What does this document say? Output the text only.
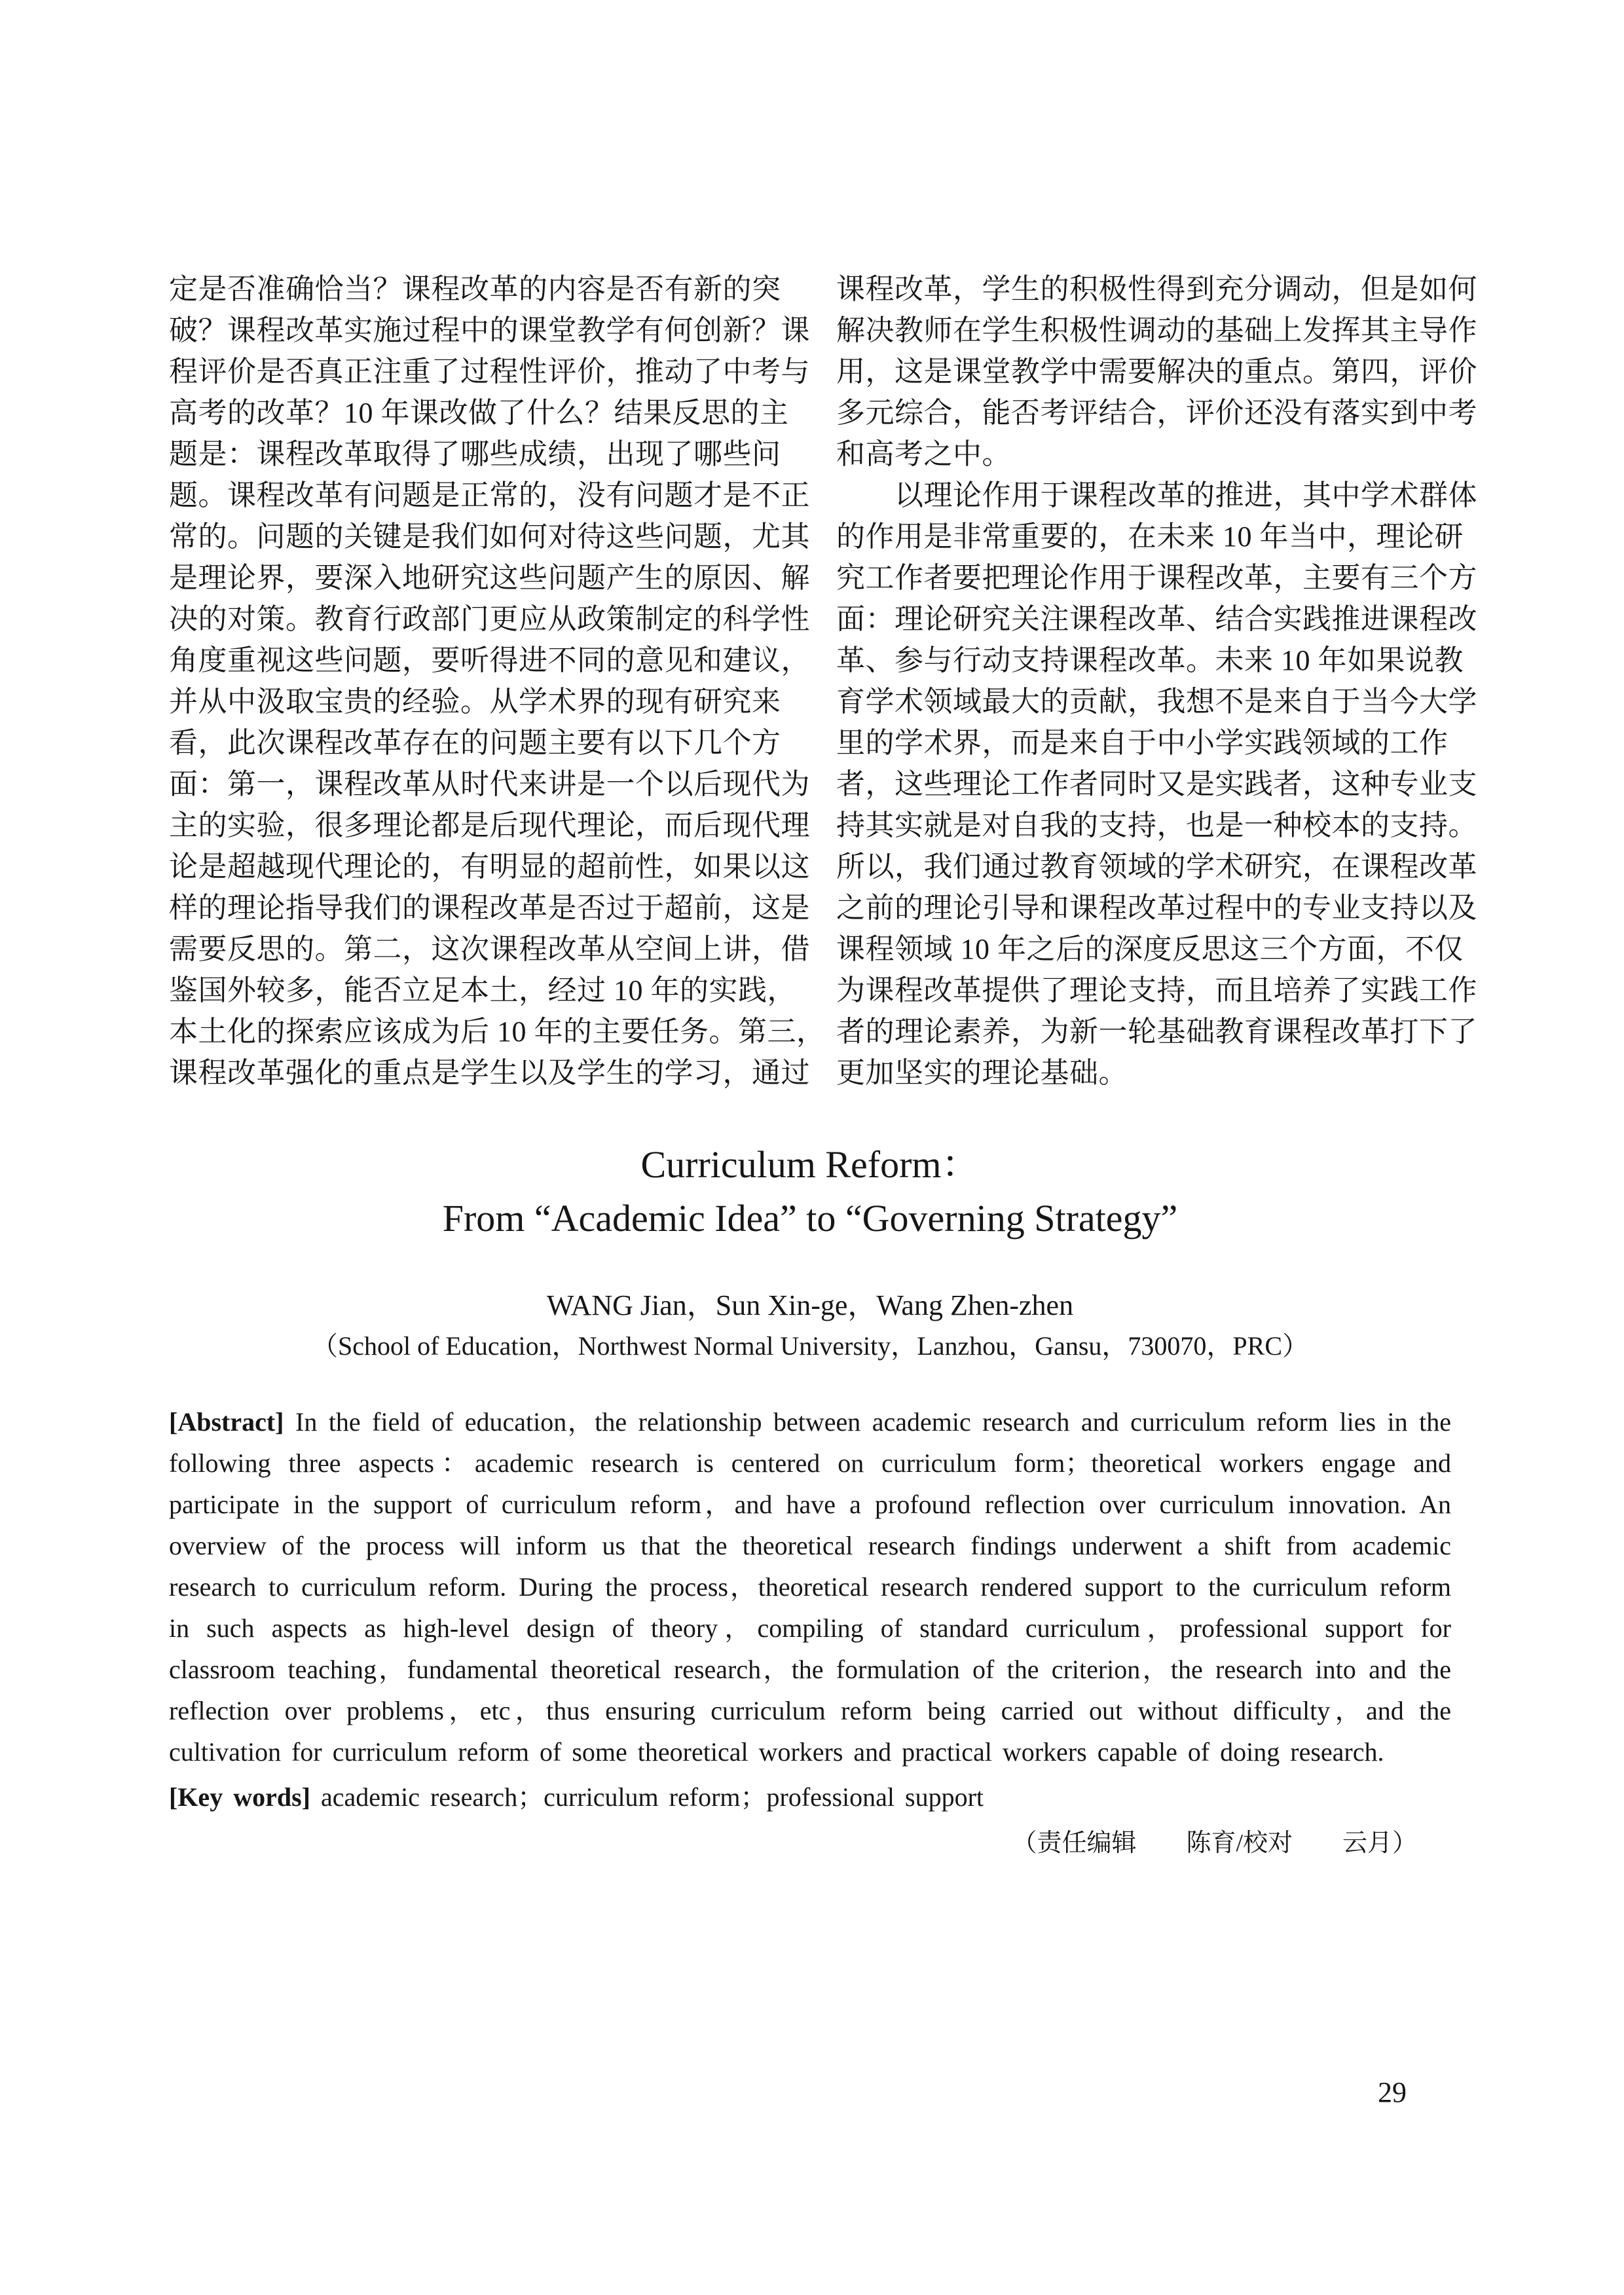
定是否准确恰当？课程改革的内容是否有新的突
破？课程改革实施过程中的课堂教学有何创新？课
程评价是否真正注重了过程性评价，推动了中考与
高考的改革？10 年课改做了什么？结果反思的主
题是：课程改革取得了哪些成绩，出现了哪些问
题。课程改革有问题是正常的，没有问题才是不正
常的。问题的关键是我们如何对待这些问题，尤其
是理论界，要深入地研究这些问题产生的原因、解
决的对策。教育行政部门更应从政策制定的科学性
角度重视这些问题，要听得进不同的意见和建议，
并从中汲取宝贵的经验。从学术界的现有研究来
看，此次课程改革存在的问题主要有以下几个方
面：第一，课程改革从时代来讲是一个以后现代为
主的实验，很多理论都是后现代理论，而后现代理
论是超越现代理论的，有明显的超前性，如果以这
样的理论指导我们的课程改革是否过于超前，这是
需要反思的。第二，这次课程改革从空间上讲，借
鉴国外较多，能否立足本土，经过 10 年的实践，
本土化的探索应该成为后 10 年的主要任务。第三，
课程改革强化的重点是学生以及学生的学习，通过
课程改革，学生的积极性得到充分调动，但是如何
解决教师在学生积极性调动的基础上发挥其主导作
用，这是课堂教学中需要解决的重点。第四，评价
多元综合，能否考评结合，评价还没有落实到中考
和高考之中。
　　以理论作用于课程改革的推进，其中学术群体
的作用是非常重要的，在未来 10 年当中，理论研
究工作者要把理论作用于课程改革，主要有三个方
面：理论研究关注课程改革、结合实践推进课程改
革、参与行动支持课程改革。未来 10 年如果说教
育学术领域最大的贡献，我想不是来自于当今大学
里的学术界，而是来自于中小学实践领域的工作
者，这些理论工作者同时又是实践者，这种专业支
持其实就是对自我的支持，也是一种校本的支持。
所以，我们通过教育领域的学术研究，在课程改革
之前的理论引导和课程改革过程中的专业支持以及
课程领域 10 年之后的深度反思这三个方面，不仅
为课程改革提供了理论支持，而且培养了实践工作
者的理论素养，为新一轮基础教育课程改革打下了
更加坚实的理论基础。
Curriculum Reform：
From “Academic Idea” to “Governing Strategy”
WANG Jian，Sun Xin-ge，Wang Zhen-zhen
（School of Education，Northwest Normal University，Lanzhou，Gansu，730070，PRC）

[Abstract] In the field of education，the relationship between academic research and curriculum reform lies in the following three aspects：academic research is centered on curriculum form；theoretical workers engage and participate in the support of curriculum reform，and have a profound reflection over curriculum innovation. An overview of the process will inform us that the theoretical research findings underwent a shift from academic research to curriculum reform. During the process，theoretical research rendered support to the curriculum reform in such aspects as high-level design of theory，compiling of standard curriculum，professional support for classroom teaching，fundamental theoretical research，the formulation of the criterion，the research into and the reflection over problems，etc，thus ensuring curriculum reform being carried out without difficulty，and the cultivation for curriculum reform of some theoretical workers and practical workers capable of doing research.

[Key words] academic research；curriculum reform；professional support

（责任编辑　　陈育/校对　　云月）
29
